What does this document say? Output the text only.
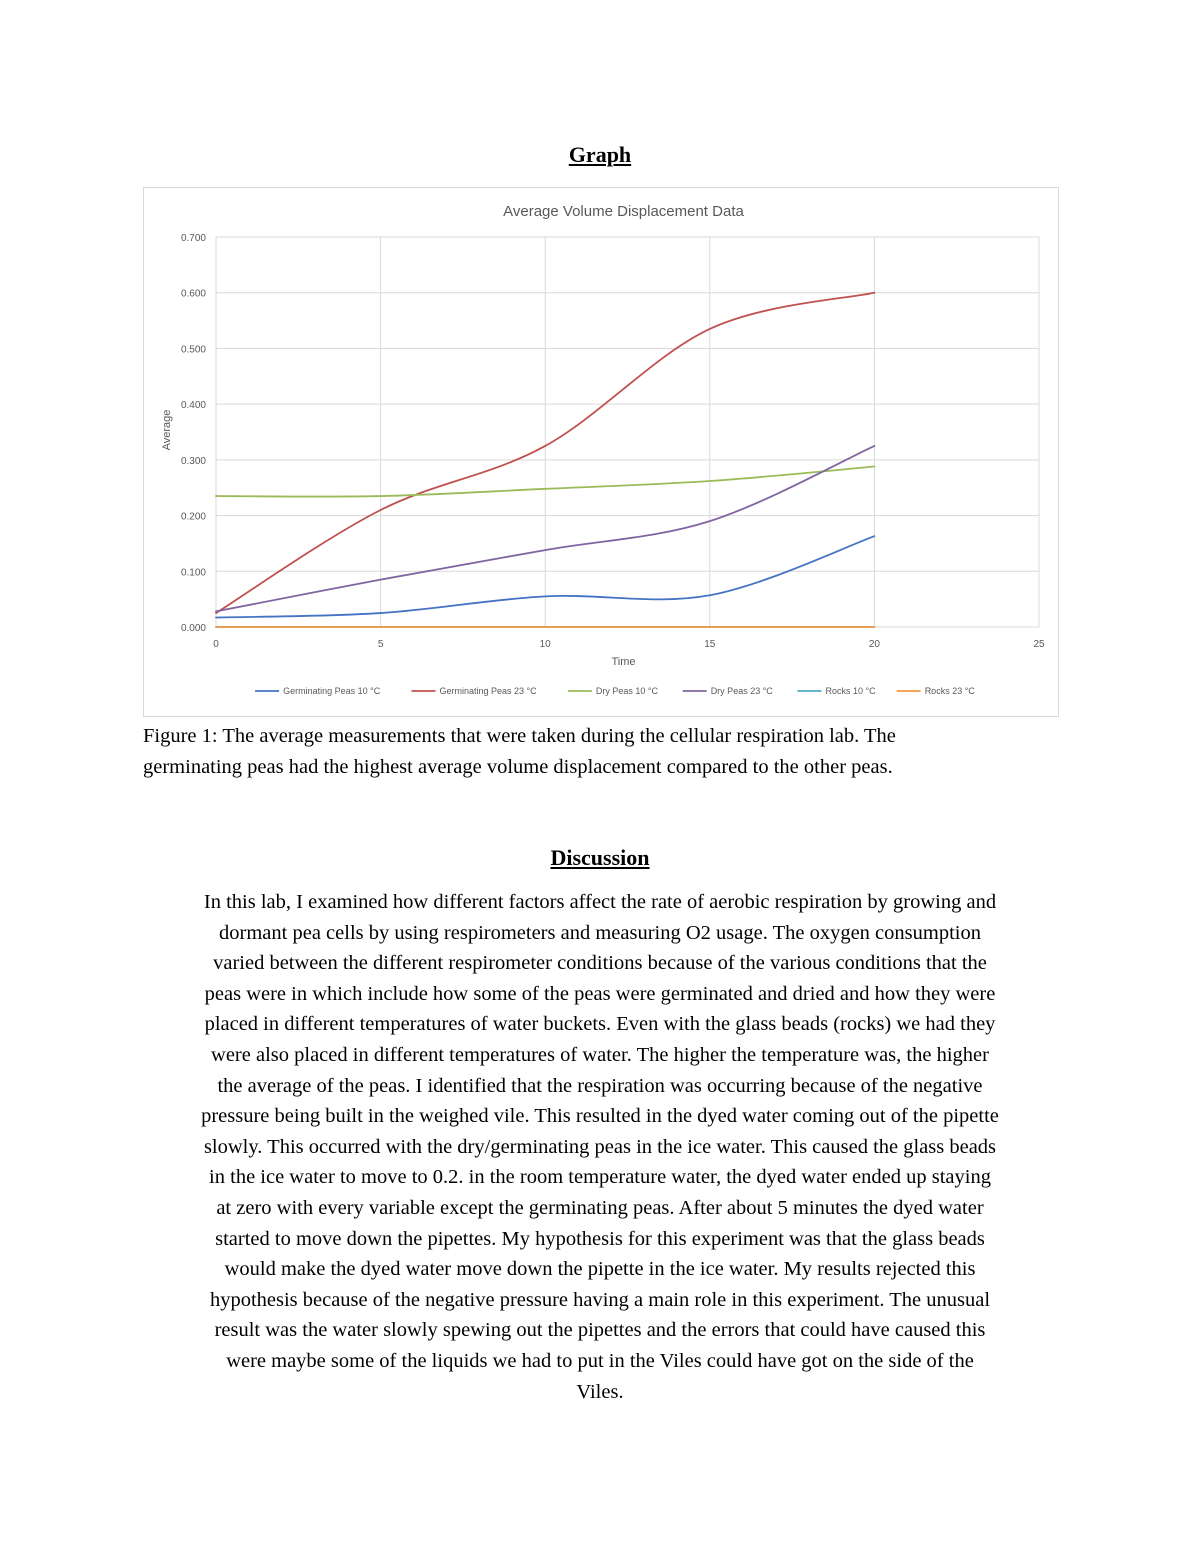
Graph
Average Volume Displacement Data
0.000
0.100
0.200
0.300
0.400
0.500
0.600
0.700
0	5	10	15	20	25
Time
Average
Germinating Peas 10 °C	Germinating Peas 23 °C	Dry Peas 10 °C	Dry Peas 23 °C	Rocks 10 °C	Rocks 23 °C
Figure 1: The average measurements that were taken during the cellular respiration lab. The
germinating peas had the highest average volume displacement compared to the other peas.
Discussion
In this lab, I examined how different factors affect the rate of aerobic respiration by growing and
dormant pea cells by using respirometers and measuring O2 usage. The oxygen consumption
varied between the different respirometer conditions because of the various conditions that the
peas were in which include how some of the peas were germinated and dried and how they were
placed in different temperatures of water buckets. Even with the glass beads (rocks) we had they
were also placed in different temperatures of water. The higher the temperature was, the higher
the average of the peas. I identified that the respiration was occurring because of the negative
pressure being built in the weighed vile. This resulted in the dyed water coming out of the pipette
slowly. This occurred with the dry/germinating peas in the ice water. This caused the glass beads
in the ice water to move to 0.2. in the room temperature water, the dyed water ended up staying
at zero with every variable except the germinating peas. After about 5 minutes the dyed water
started to move down the pipettes. My hypothesis for this experiment was that the glass beads
would make the dyed water move down the pipette in the ice water. My results rejected this
hypothesis because of the negative pressure having a main role in this experiment. The unusual
result was the water slowly spewing out the pipettes and the errors that could have caused this
were maybe some of the liquids we had to put in the Viles could have got on the side of the
Viles.
